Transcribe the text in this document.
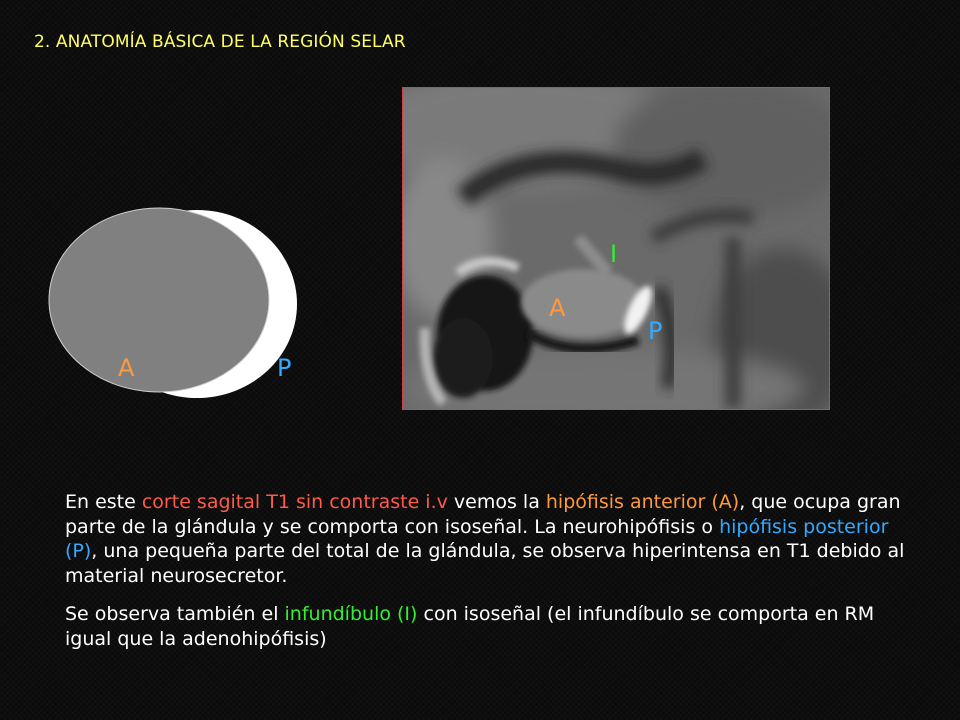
2. ANATOMÍA BÁSICA DE LA REGIÓN SELAR
A	P
I
A
P

En este corte sagital T1 sin contraste i.v vemos la hipófisis anterior (A), que ocupa gran parte de la glándula y se comporta con isoseñal. La neurohipófisis o hipófisis posterior (P), una pequeña parte del total de la glándula, se observa hiperintensa en T1 debido al material neurosecretor.

Se observa también el infundíbulo (I) con isoseñal (el infundíbulo se comporta en RM igual que la adenohipófisis)
